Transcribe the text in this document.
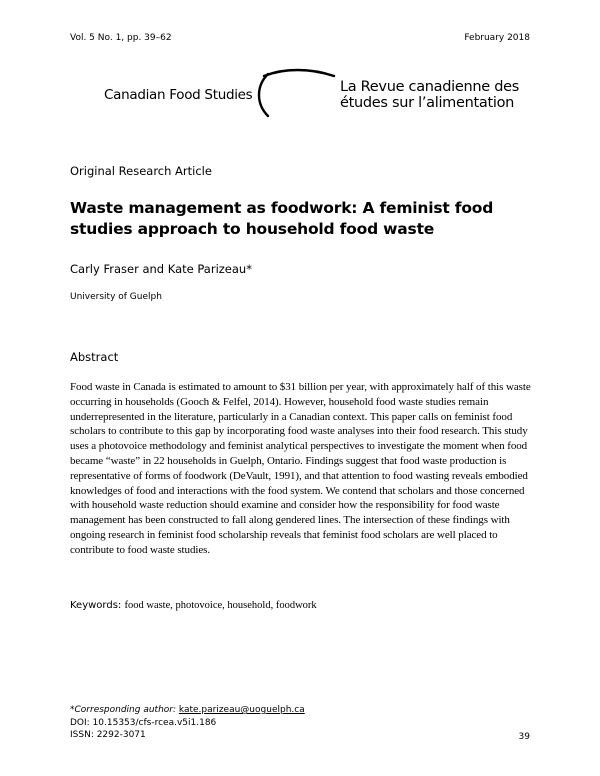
Vol. 5 No. 1, pp. 39–62	February 2018
Canadian Food Studies	La Revue canadienne des
études sur l’alimentation
Original Research Article
Waste management as foodwork: A feminist food studies approach to household food waste
Carly Fraser and Kate Parizeau*
University of Guelph
Abstract
Food waste in Canada is estimated to amount to $31 billion per year, with approximately half of this waste occurring in households (Gooch & Felfel, 2014). However, household food waste studies remain underrepresented in the literature, particularly in a Canadian context. This paper calls on feminist food scholars to contribute to this gap by incorporating food waste analyses into their food research. This study uses a photovoice methodology and feminist analytical perspectives to investigate the moment when food became “waste” in 22 households in Guelph, Ontario. Findings suggest that food waste production is representative of forms of foodwork (DeVault, 1991), and that attention to food wasting reveals embodied knowledges of food and interactions with the food system. We contend that scholars and those concerned with household waste reduction should examine and consider how the responsibility for food waste management has been constructed to fall along gendered lines. The intersection of these findings with ongoing research in feminist food scholarship reveals that feminist food scholars are well placed to contribute to food waste studies.
Keywords: food waste, photovoice, household, foodwork
*Corresponding author: kate.parizeau@uoguelph.ca
DOI: 10.15353/cfs-rcea.v5i1.186
ISSN: 2292-3071	39
